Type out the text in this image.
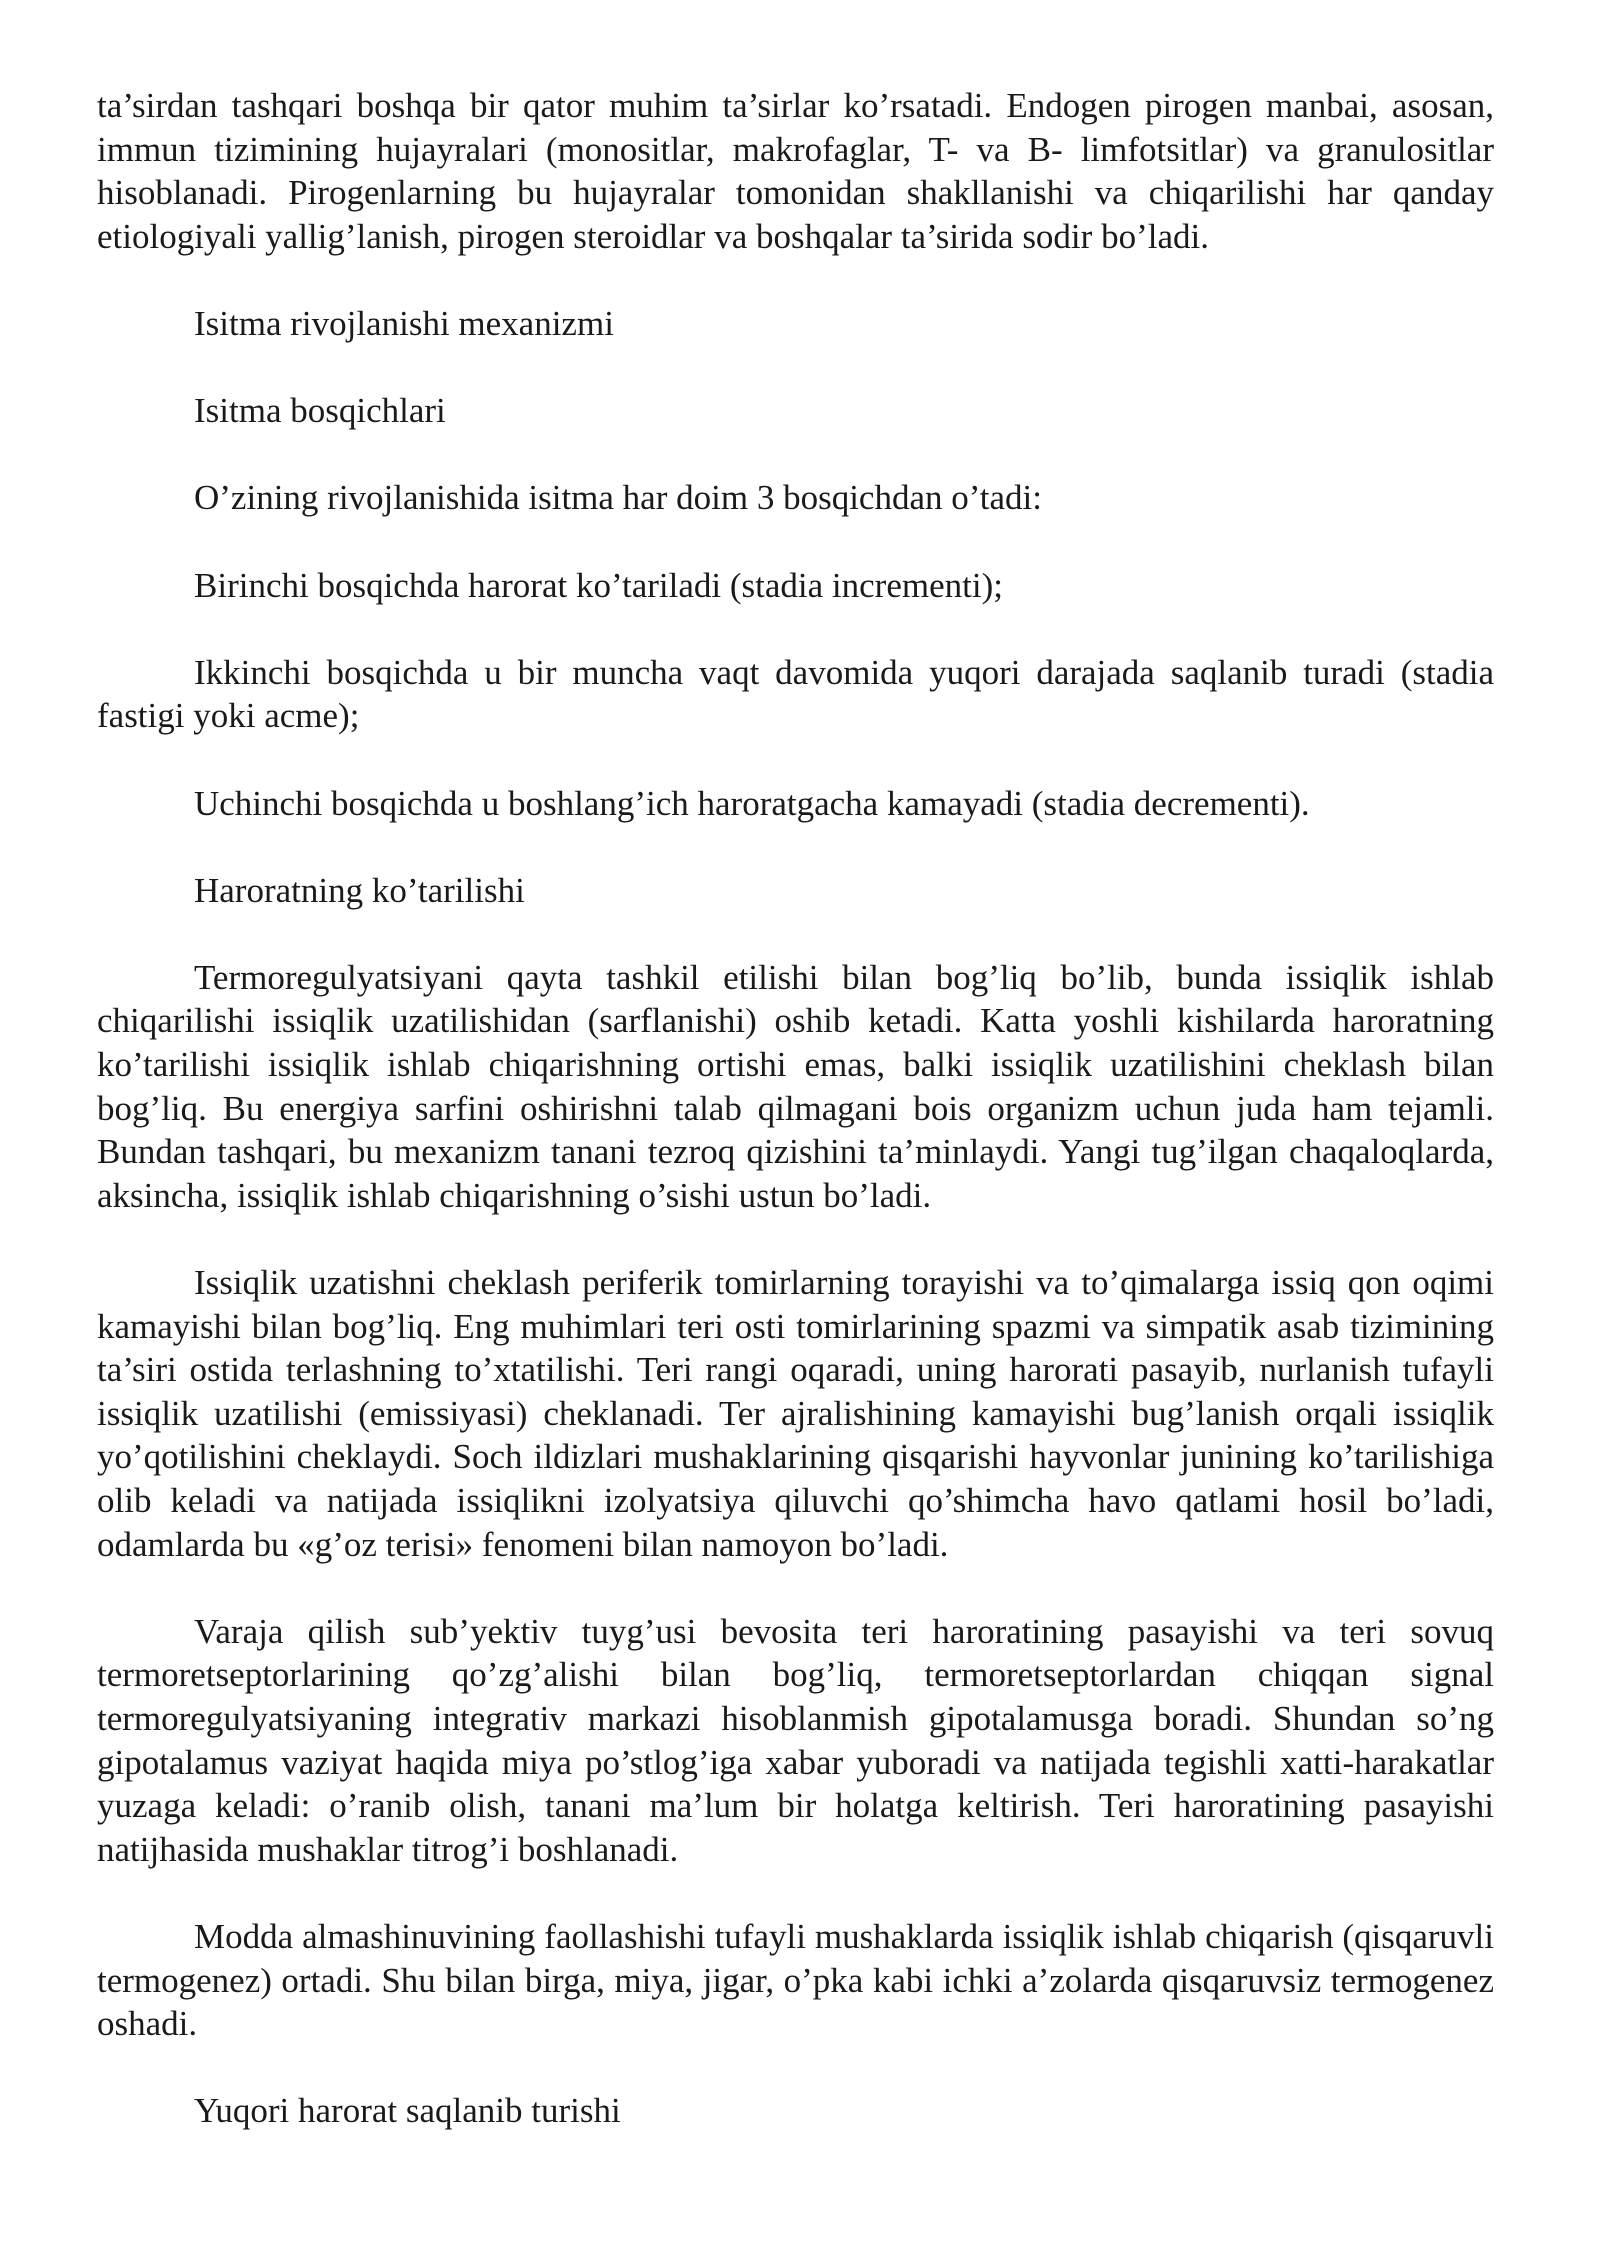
ta’sirdan tashqari boshqa bir qator muhim ta’sirlar ko’rsatadi. Endogen pirogen manbai, asosan, immun tizimining hujayralari (monositlar, makrofaglar, T- va B- limfotsitlar) va granulositlar hisoblanadi. Pirogenlarning bu hujayralar tomonidan shakllanishi va chiqarilishi har qanday etiologiyali yallig’lanish, pirogen steroidlar va boshqalar ta’sirida sodir bo’ladi.

Isitma rivojlanishi mexanizmi

Isitma bosqichlari

O’zining rivojlanishida isitma har doim 3 bosqichdan o’tadi:

Birinchi bosqichda harorat ko’tariladi (stadia incrementi);

Ikkinchi bosqichda u bir muncha vaqt davomida yuqori darajada saqlanib turadi (stadia fastigi yoki acme);

Uchinchi bosqichda u boshlang’ich haroratgacha kamayadi (stadia decrementi).

Haroratning ko’tarilishi

Termoregulyatsiyani qayta tashkil etilishi bilan bog’liq bo’lib, bunda issiqlik ishlab chiqarilishi issiqlik uzatilishidan (sarflanishi) oshib ketadi. Katta yoshli kishilarda haroratning ko’tarilishi issiqlik ishlab chiqarishning ortishi emas, balki issiqlik uzatilishini cheklash bilan bog’liq. Bu energiya sarfini oshirishni talab qilmagani bois organizm uchun juda ham tejamli. Bundan tashqari, bu mexanizm tanani tezroq qizishini ta’minlaydi. Yangi tug’ilgan chaqaloqlarda, aksincha, issiqlik ishlab chiqarishning o’sishi ustun bo’ladi.

Issiqlik uzatishni cheklash periferik tomirlarning torayishi va to’qimalarga issiq qon oqimi kamayishi bilan bog’liq. Eng muhimlari teri osti tomirlarining spazmi va simpatik asab tizimining ta’siri ostida terlashning to’xtatilishi. Teri rangi oqaradi, uning harorati pasayib, nurlanish tufayli issiqlik uzatilishi (emissiyasi) cheklanadi. Ter ajralishining kamayishi bug’lanish orqali issiqlik yo’qotilishini cheklaydi. Soch ildizlari mushaklarining qisqarishi hayvonlar junining ko’tarilishiga olib keladi va natijada issiqlikni izolyatsiya qiluvchi qo’shimcha havo qatlami hosil bo’ladi, odamlarda bu «g’oz terisi» fenomeni bilan namoyon bo’ladi.

Varaja qilish sub’yektiv tuyg’usi bevosita teri haroratining pasayishi va teri sovuq termoretseptorlarining qo’zg’alishi bilan bog’liq, termoretseptorlardan chiqqan signal termoregulyatsiyaning integrativ markazi hisoblanmish gipotalamusga boradi. Shundan so’ng gipotalamus vaziyat haqida miya po’stlog’iga xabar yuboradi va natijada tegishli xatti-harakatlar yuzaga keladi: o’ranib olish, tanani ma’lum bir holatga keltirish. Teri haroratining pasayishi natijhasida mushaklar titrog’i boshlanadi.

Modda almashinuvining faollashishi tufayli mushaklarda issiqlik ishlab chiqarish (qisqaruvli termogenez) ortadi. Shu bilan birga, miya, jigar, o’pka kabi ichki a’zolarda qisqaruvsiz termogenez oshadi.

Yuqori harorat saqlanib turishi
